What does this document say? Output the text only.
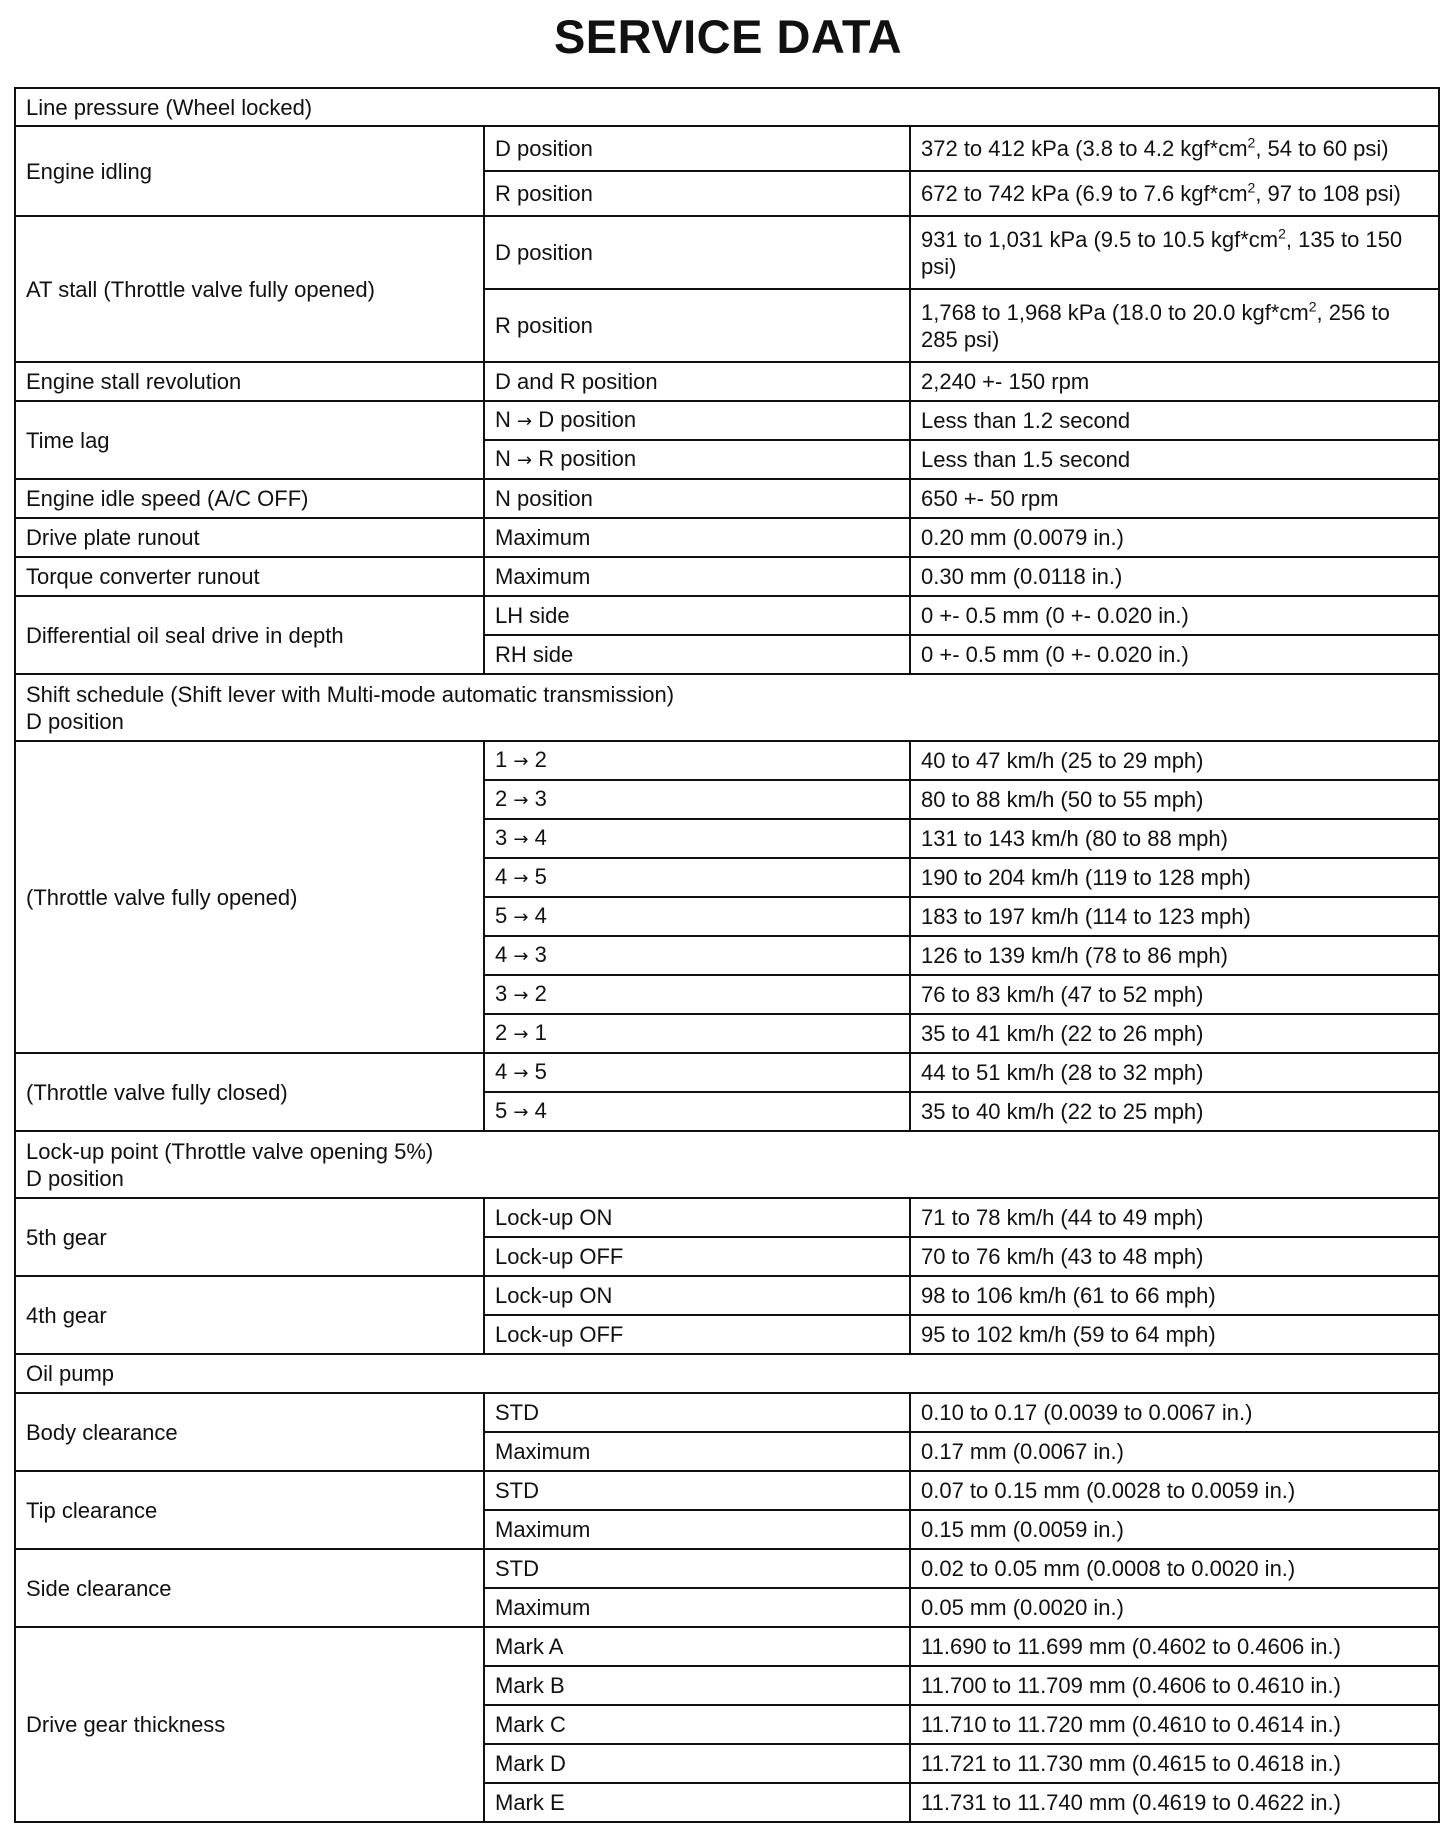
SERVICE DATA
Line pressure (Wheel locked)		

Engine idling	D position	372 to 412 kPa (3.8 to 4.2 $kgf*cm^2$, 54 to 60 psi)
	R position	672 to 742 kPa (6.9 to 7.6 $kgf*cm^2$, 97 to 108 psi)
AT stall (Throttle valve fully opened)	D position	931 to 1,031 kPa (9.5 to 10.5 $kgf*cm^2$, 135 to 150 psi)
	R position	1,768 to 1,968 kPa (18.0 to 20.0 $kgf*cm^2$, 256 to 285 psi)
Engine stall revolution	D and R position	2,240 +- 150 rpm
Time lag	N → D position	Less than 1.2 second
	N → R position	Less than 1.5 second
Engine idle speed (A/C OFF)	N position	650 +- 50 rpm
Drive plate runout	Maximum	0.20 mm (0.0079 in.)
Torque converter runout	Maximum	0.30 mm (0.0118 in.)
Differential oil seal drive in depth	LH side	0 +- 0.5 mm (0 +- 0.020 in.)
	RH side	0 +- 0.5 mm (0 +- 0.020 in.)

Shift schedule (Shift lever with Multi-mode automatic transmission)
D position		

(Throttle valve fully opened)	1 → 2	40 to 47 km/h (25 to 29 mph)
	2 → 3	80 to 88 km/h (50 to 55 mph)
	3 → 4	131 to 143 km/h (80 to 88 mph)
	4 → 5	190 to 204 km/h (119 to 128 mph)
	5 → 4	183 to 197 km/h (114 to 123 mph)
	4 → 3	126 to 139 km/h (78 to 86 mph)
	3 → 2	76 to 83 km/h (47 to 52 mph)
	2 → 1	35 to 41 km/h (22 to 26 mph)
(Throttle valve fully closed)	4 → 5	44 to 51 km/h (28 to 32 mph)
	5 → 4	35 to 40 km/h (22 to 25 mph)

Lock-up point (Throttle valve opening 5%)
D position		

5th gear	Lock-up ON	71 to 78 km/h (44 to 49 mph)
	Lock-up OFF	70 to 76 km/h (43 to 48 mph)
4th gear	Lock-up ON	98 to 106 km/h (61 to 66 mph)
	Lock-up OFF	95 to 102 km/h (59 to 64 mph)

Oil pump		

Body clearance	STD	0.10 to 0.17 (0.0039 to 0.0067 in.)
	Maximum	0.17 mm (0.0067 in.)
Tip clearance	STD	0.07 to 0.15 mm (0.0028 to 0.0059 in.)
	Maximum	0.15 mm (0.0059 in.)
Side clearance	STD	0.02 to 0.05 mm (0.0008 to 0.0020 in.)
	Maximum	0.05 mm (0.0020 in.)
Drive gear thickness	Mark A	11.690 to 11.699 mm (0.4602 to 0.4606 in.)
	Mark B	11.700 to 11.709 mm (0.4606 to 0.4610 in.)
	Mark C	11.710 to 11.720 mm (0.4610 to 0.4614 in.)
	Mark D	11.721 to 11.730 mm (0.4615 to 0.4618 in.)
	Mark E	11.731 to 11.740 mm (0.4619 to 0.4622 in.)
